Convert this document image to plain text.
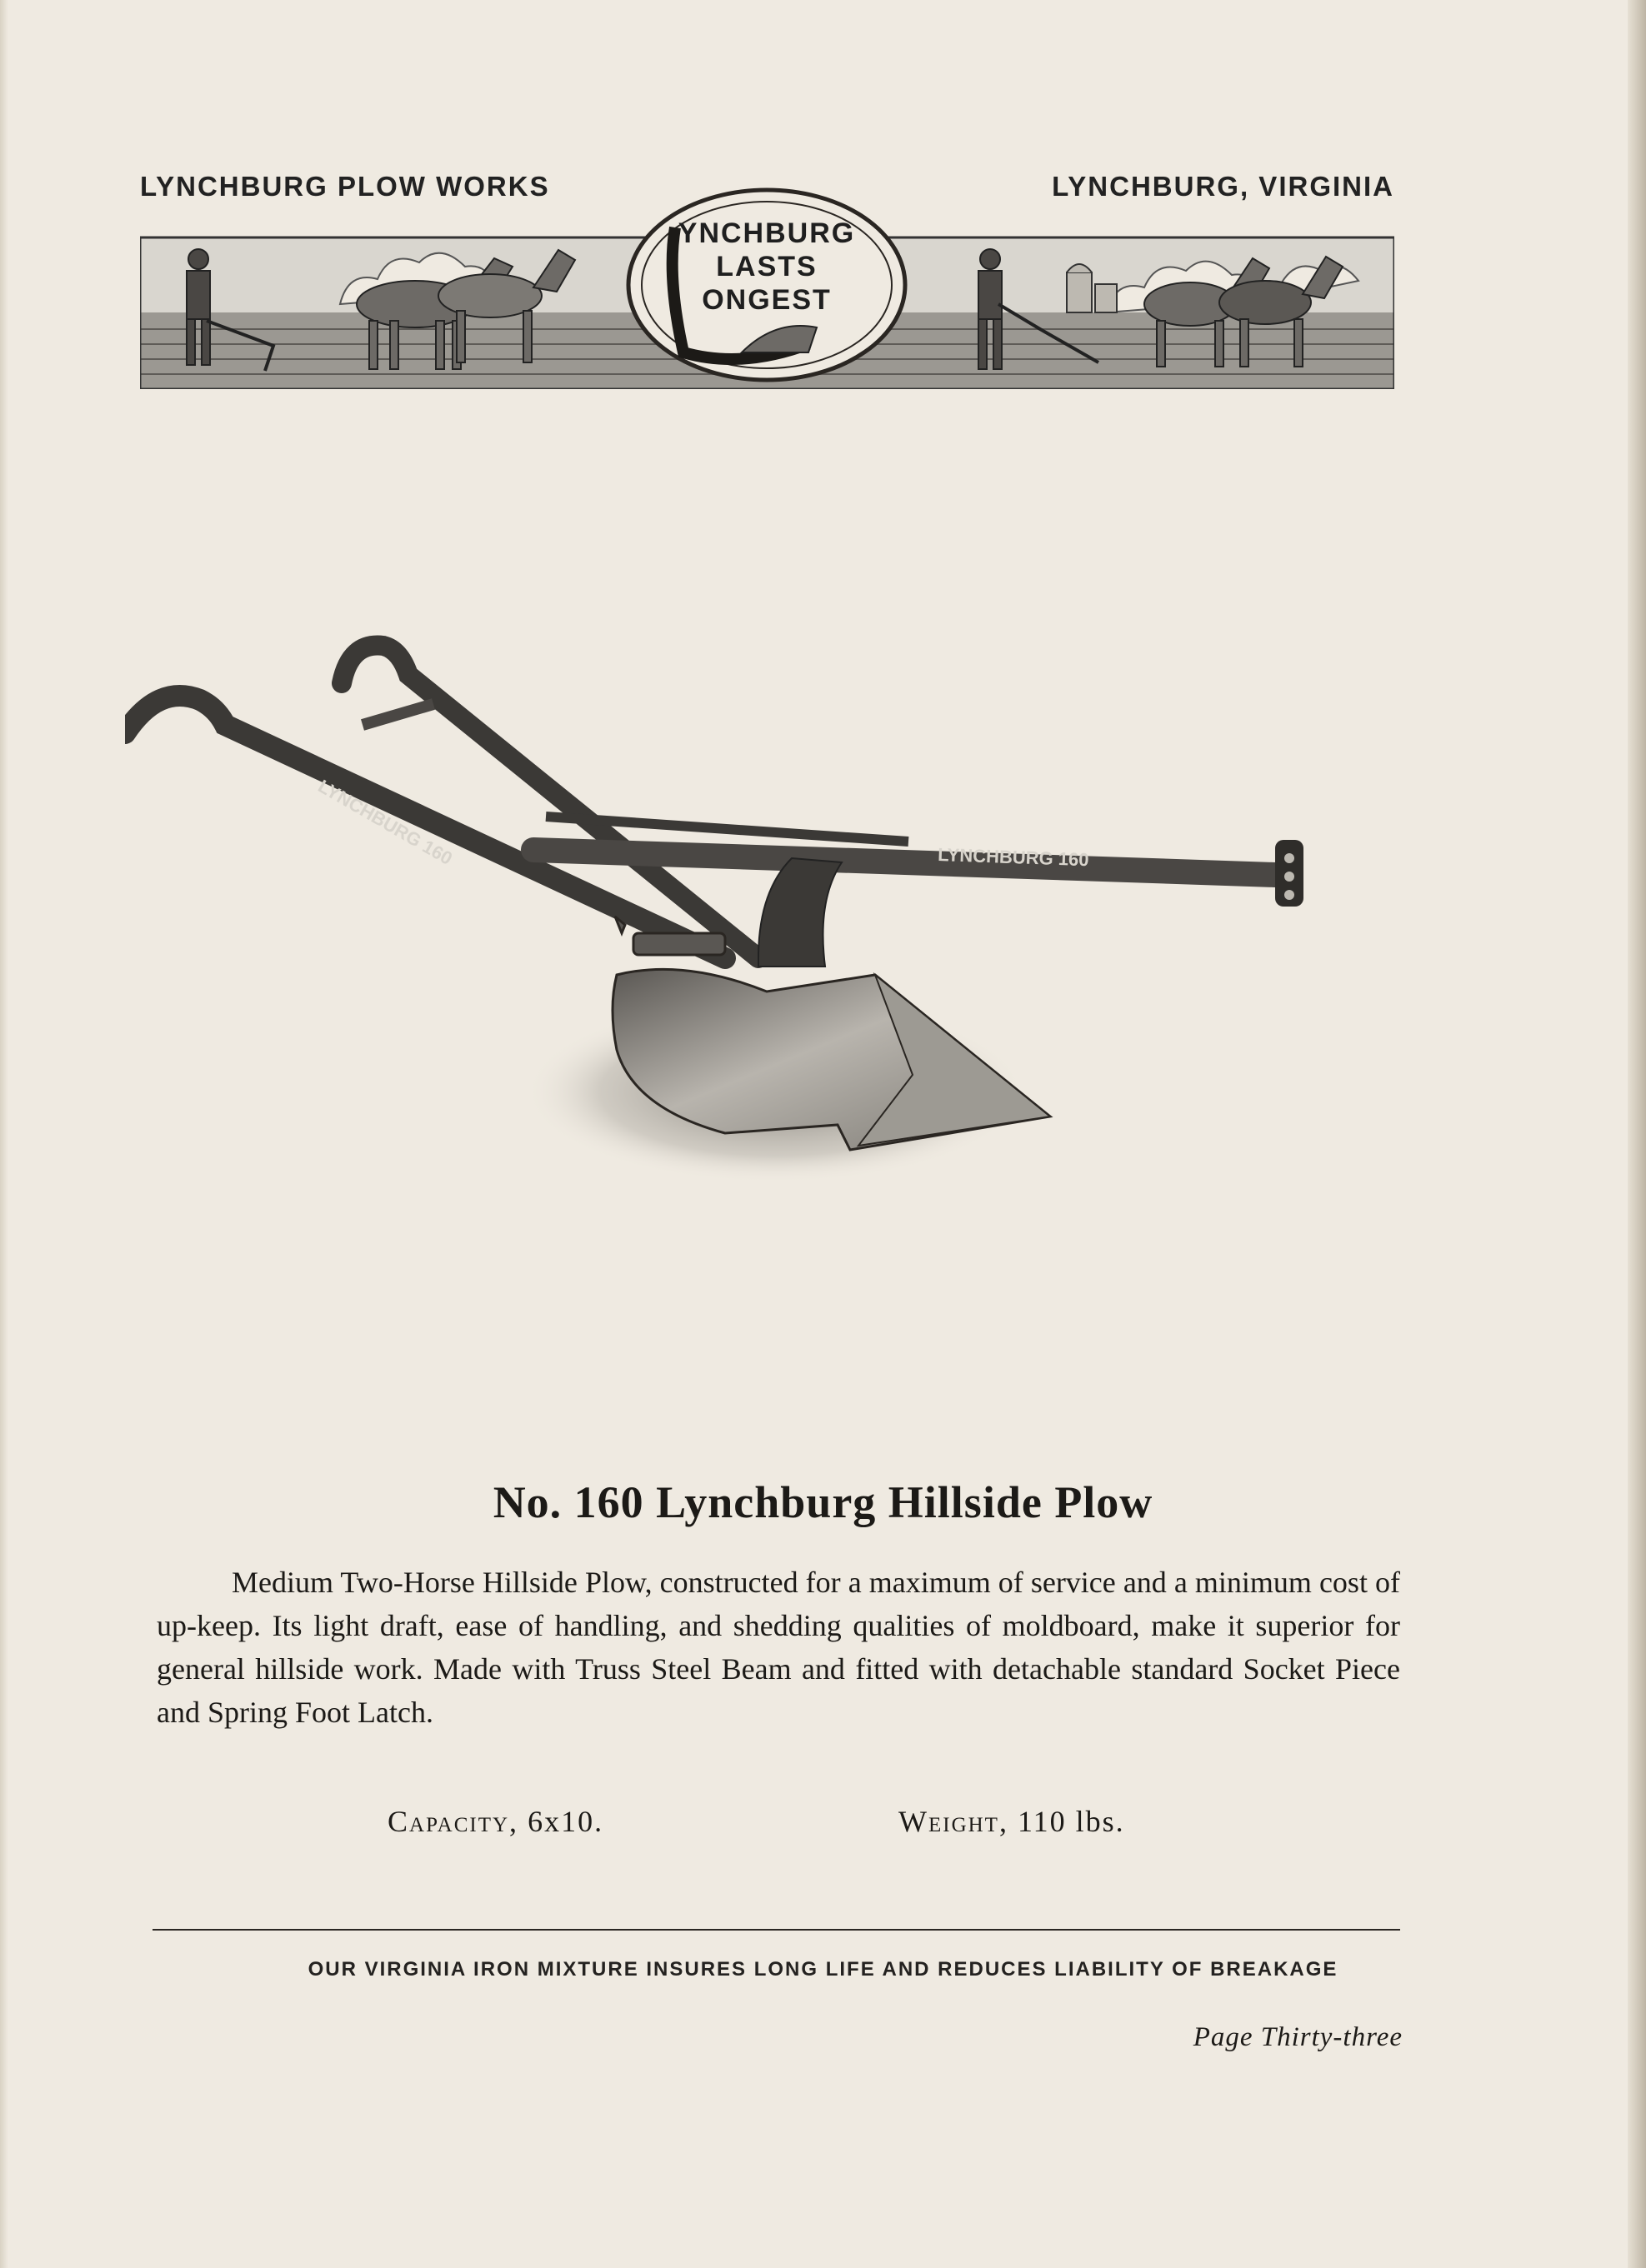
LYNCHBURG PLOW WORKS	LYNCHBURG, VIRGINIA
YNCHBURG
LASTS
ONGEST
LYNCHBURG 160	LYNCHBURG 160
No. 160 Lynchburg Hillside Plow

Medium Two-Horse Hillside Plow, constructed for a maximum of service and a minimum cost of up-keep. Its light draft, ease of handling, and shedding qualities of moldboard, make it superior for general hillside work. Made with Truss Steel Beam and fitted with detachable standard Socket Piece and Spring Foot Latch.

Capacity, 6x10.	Weight, 110 lbs.
OUR VIRGINIA IRON MIXTURE INSURES LONG LIFE AND REDUCES LIABILITY OF BREAKAGE
Page Thirty-three
